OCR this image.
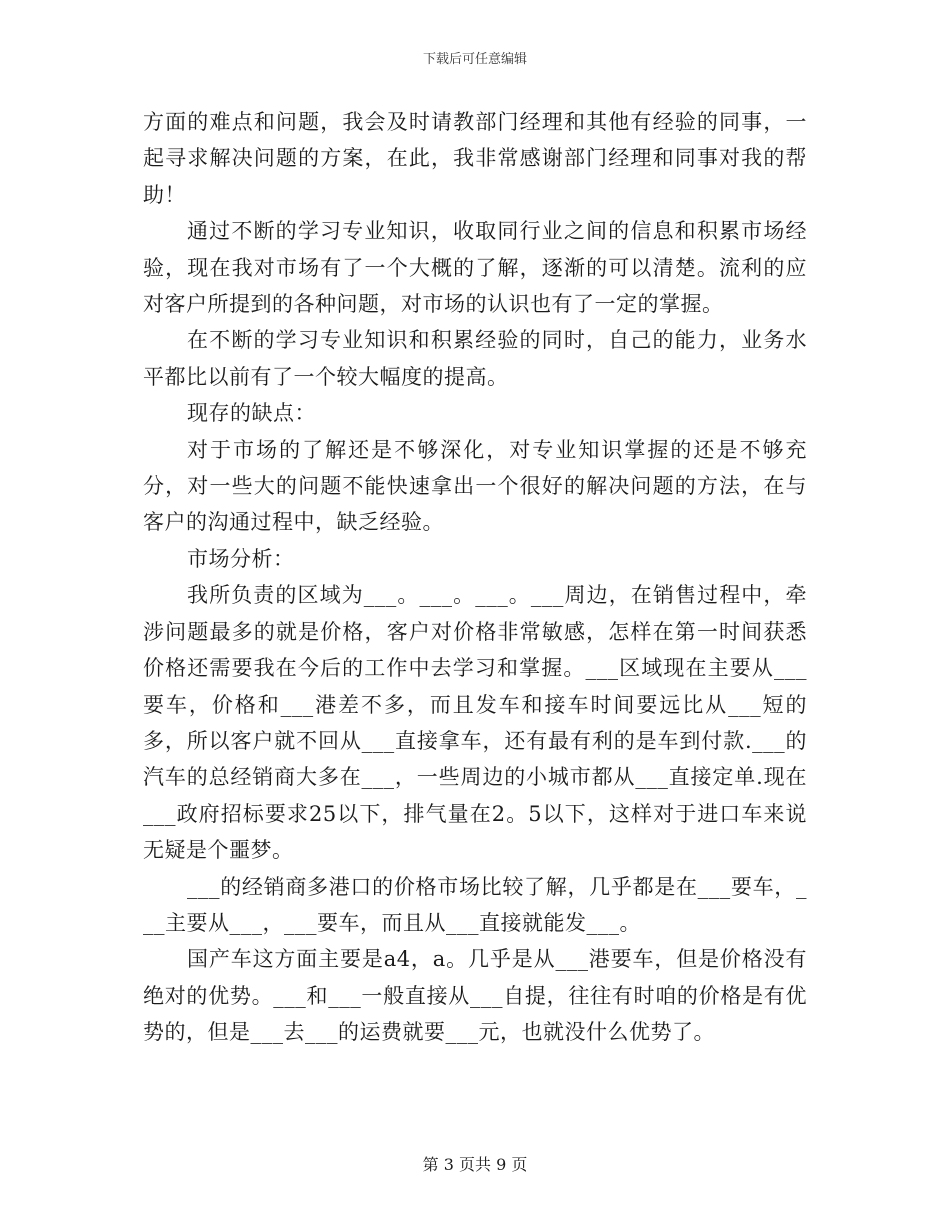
下载后可任意编辑

方面的难点和问题，我会及时请教部门经理和其他有经验的同事，一起寻求解决问题的方案，在此，我非常感谢部门经理和同事对我的帮助！

通过不断的学习专业知识，收取同行业之间的信息和积累市场经验，现在我对市场有了一个大概的了解，逐渐的可以清楚。流利的应对客户所提到的各种问题，对市场的认识也有了一定的掌握。

在不断的学习专业知识和积累经验的同时，自己的能力，业务水平都比以前有了一个较大幅度的提高。

现存的缺点：

对于市场的了解还是不够深化，对专业知识掌握的还是不够充分，对一些大的问题不能快速拿出一个很好的解决问题的方法，在与客户的沟通过程中，缺乏经验。

市场分析：

我所负责的区域为___。___。___。___周边，在销售过程中，牵涉问题最多的就是价格，客户对价格非常敏感，怎样在第一时间获悉价格还需要我在今后的工作中去学习和掌握。___区域现在主要从___要车，价格和___港差不多，而且发车和接车时间要远比从___短的多，所以客户就不回从___直接拿车，还有最有利的是车到付款.___的汽车的总经销商大多在___，一些周边的小城市都从___直接定单.现在___政府招标要求25以下，排气量在2。5以下，这样对于进口车来说无疑是个噩梦。

___的经销商多港口的价格市场比较了解，几乎都是在___要车，___主要从___，___要车，而且从___直接就能发___。

国产车这方面主要是a4，a。几乎是从___港要车，但是价格没有绝对的优势。___和___一般直接从___自提，往往有时咱的价格是有优势的，但是___去___的运费就要___元，也就没什么优势了。

第 3 页共 9 页
